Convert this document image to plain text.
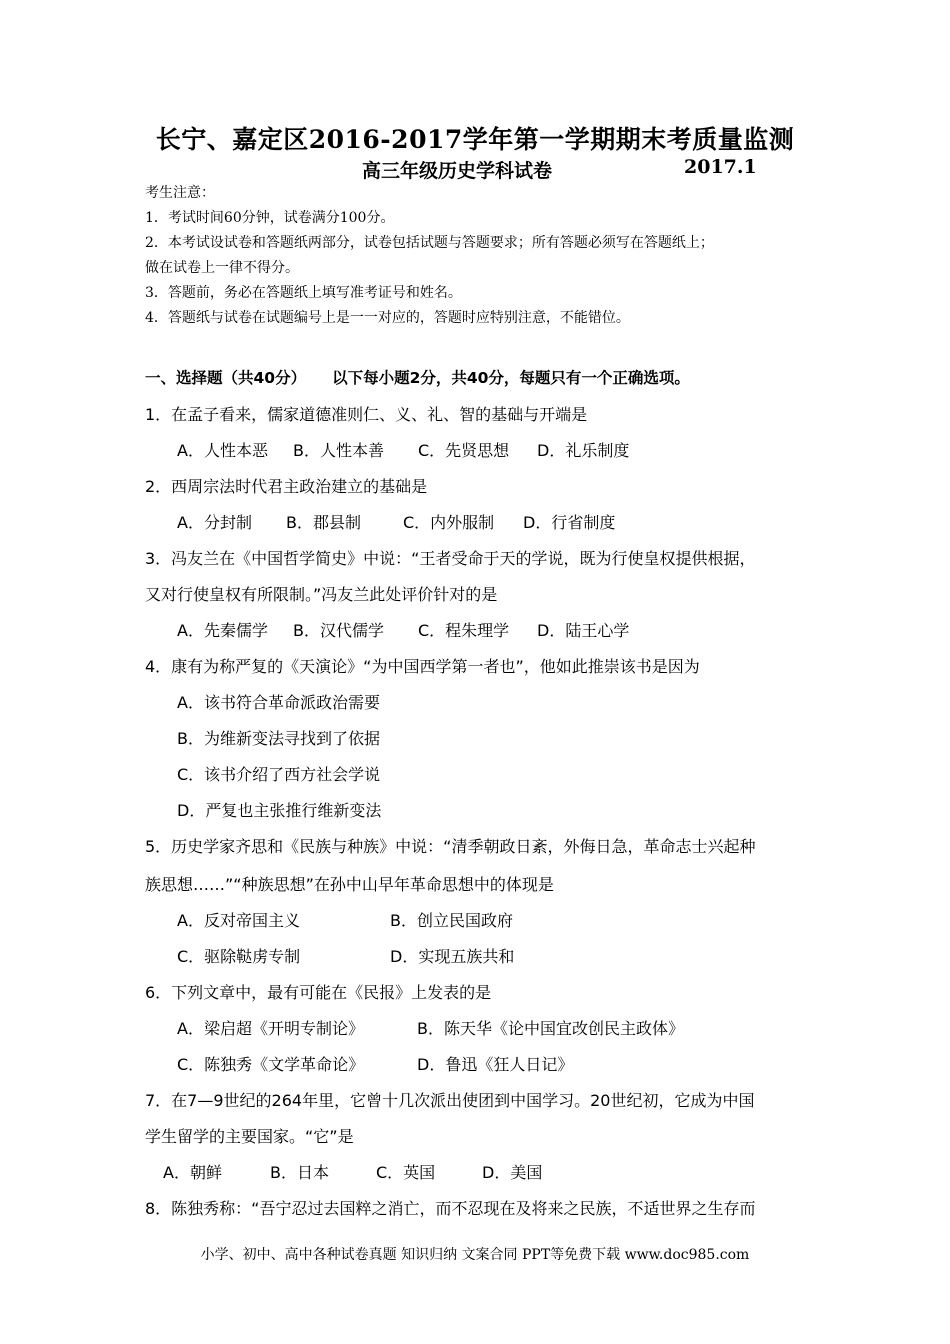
长宁、嘉定区2016-2017学年第一学期期末考质量监测
高三年级历史学科试卷	2017.1
考生注意：
1．考试时间60分钟，试卷满分100分。
2．本考试设试卷和答题纸两部分，试卷包括试题与答题要求；所有答题必须写在答题纸上；
做在试卷上一律不得分。
3．答题前，务必在答题纸上填写准考证号和姓名。
4．答题纸与试卷在试题编号上是一一对应的，答题时应特别注意，不能错位。
一、选择题（共40分） 以下每小题2分，共40分，每题只有一个正确选项。
1．在孟子看来，儒家道德准则仁、义、礼、智的基础与开端是
A．人性本恶 B．人性本善 C．先贤思想 D．礼乐制度
2．西周宗法时代君主政治建立的基础是
A．分封制 B．郡县制	C．内外服制 D．行省制度
3．冯友兰在《中国哲学简史》中说：“王者受命于天的学说，既为行使皇权提供根据，
又对行使皇权有所限制。”冯友兰此处评价针对的是
A．先秦儒学 B．汉代儒学 C．程朱理学 D．陆王心学
4．康有为称严复的《天演论》“为中国西学第一者也”，他如此推崇该书是因为
A．该书符合革命派政治需要
B．为维新变法寻找到了依据
C．该书介绍了西方社会学说
D．严复也主张推行维新变法
5．历史学家齐思和《民族与种族》中说：“清季朝政日紊，外侮日急，革命志士兴起种
族思想……”“种族思想”在孙中山早年革命思想中的体现是
A．反对帝国主义	B．创立民国政府
C．驱除鞑虏专制	D．实现五族共和
6．下列文章中，最有可能在《民报》上发表的是
A．梁启超《开明专制论》	B．陈天华《论中国宜改创民主政体》
C．陈独秀《文学革命论》	D．鲁迅《狂人日记》
7．在7—9世纪的264年里，它曾十几次派出使团到中国学习。20世纪初，它成为中国
学生留学的主要国家。“它”是
A．朝鲜	B．日本	C．英国	D．美国
8．陈独秀称：“吾宁忍过去国粹之消亡，而不忍现在及将来之民族，不适世界之生存而
小学、初中、高中各种试卷真题 知识归纳 文案合同 PPT等免费下载 www.doc985.com
